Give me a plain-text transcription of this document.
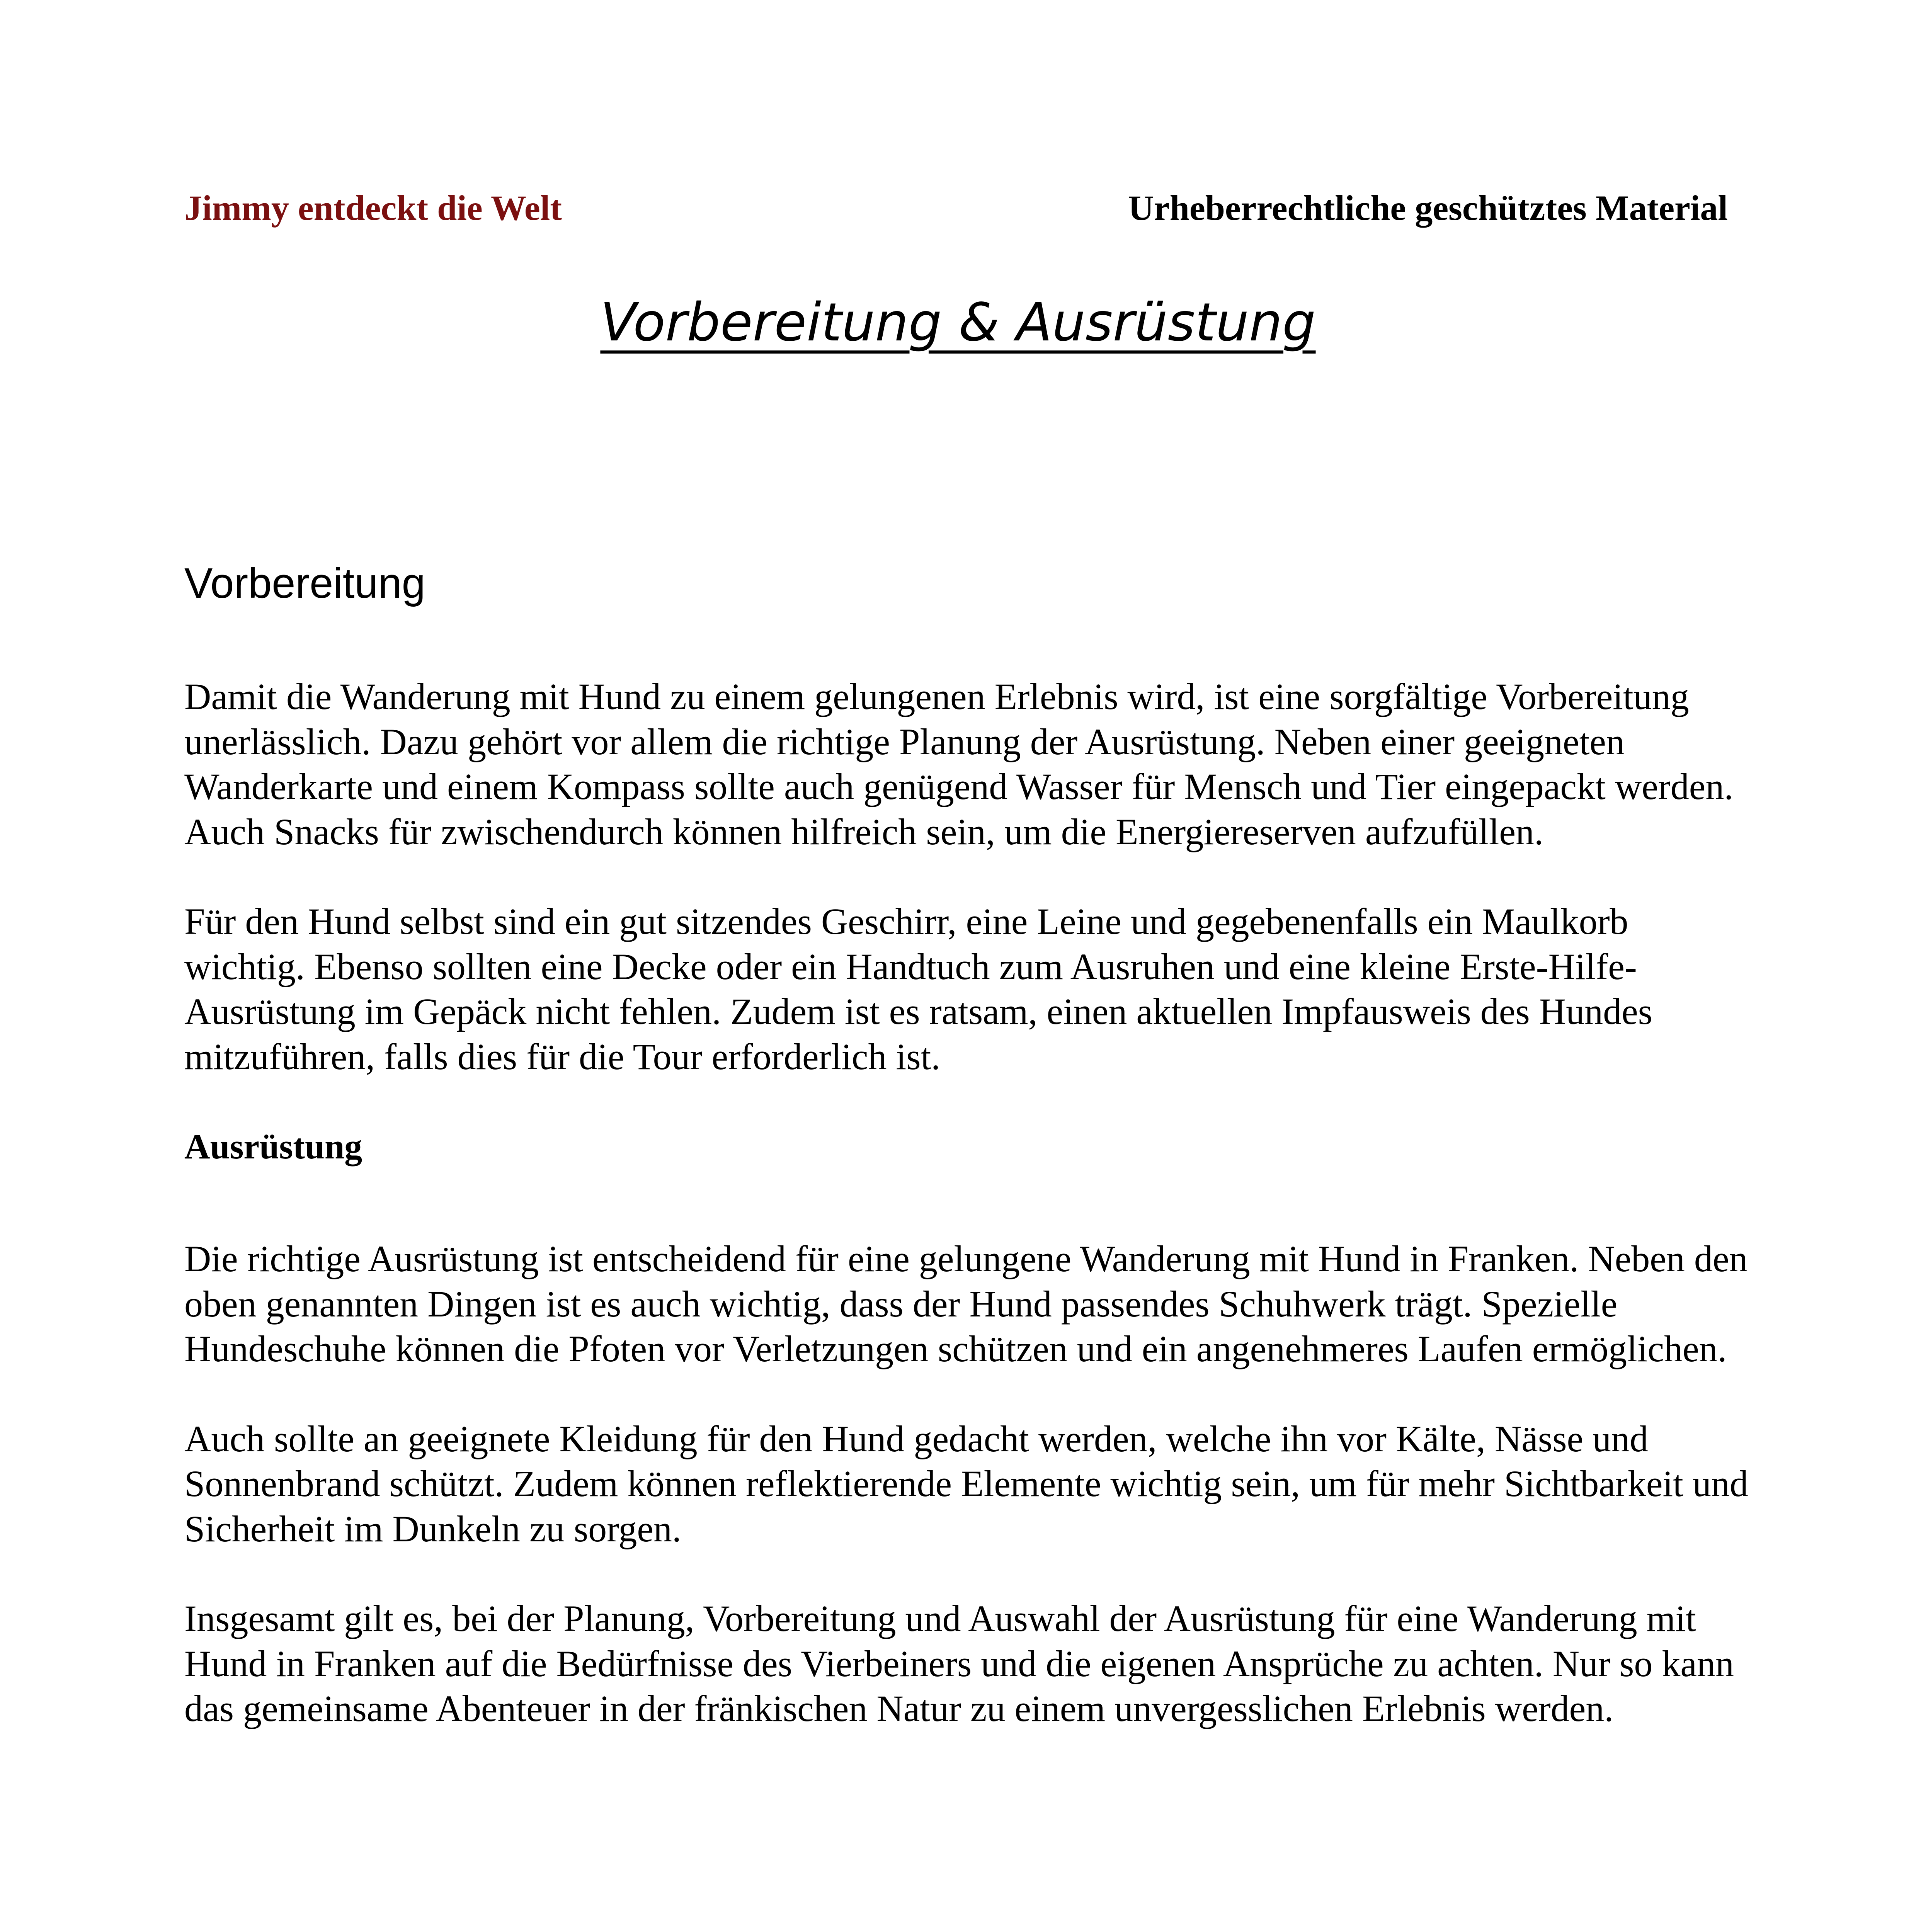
Jimmy entdeckt die Welt	Urheberrechtliche geschütztes Material
Vorbereitung & Ausrüstung
Vorbereitung

Damit die Wanderung mit Hund zu einem gelungenen Erlebnis wird, ist eine sorgfältige Vorbereitung unerlässlich. Dazu gehört vor allem die richtige Planung der Ausrüstung. Neben einer geeigneten Wanderkarte und einem Kompass sollte auch genügend Wasser für Mensch und Tier eingepackt werden. Auch Snacks für zwischendurch können hilfreich sein, um die Energiereserven aufzufüllen.

Für den Hund selbst sind ein gut sitzendes Geschirr, eine Leine und gegebenenfalls ein Maulkorb wichtig. Ebenso sollten eine Decke oder ein Handtuch zum Ausruhen und eine kleine Erste-Hilfe-Ausrüstung im Gepäck nicht fehlen. Zudem ist es ratsam, einen aktuellen Impfausweis des Hundes mitzuführen, falls dies für die Tour erforderlich ist.

Ausrüstung

Die richtige Ausrüstung ist entscheidend für eine gelungene Wanderung mit Hund in Franken. Neben den oben genannten Dingen ist es auch wichtig, dass der Hund passendes Schuhwerk trägt. Spezielle Hundeschuhe können die Pfoten vor Verletzungen schützen und ein angenehmeres Laufen ermöglichen.

Auch sollte an geeignete Kleidung für den Hund gedacht werden, welche ihn vor Kälte, Nässe und Sonnenbrand schützt. Zudem können reflektierende Elemente wichtig sein, um für mehr Sichtbarkeit und Sicherheit im Dunkeln zu sorgen.

Insgesamt gilt es, bei der Planung, Vorbereitung und Auswahl der Ausrüstung für eine Wanderung mit Hund in Franken auf die Bedürfnisse des Vierbeiners und die eigenen Ansprüche zu achten. Nur so kann das gemeinsame Abenteuer in der fränkischen Natur zu einem unvergesslichen Erlebnis werden.
